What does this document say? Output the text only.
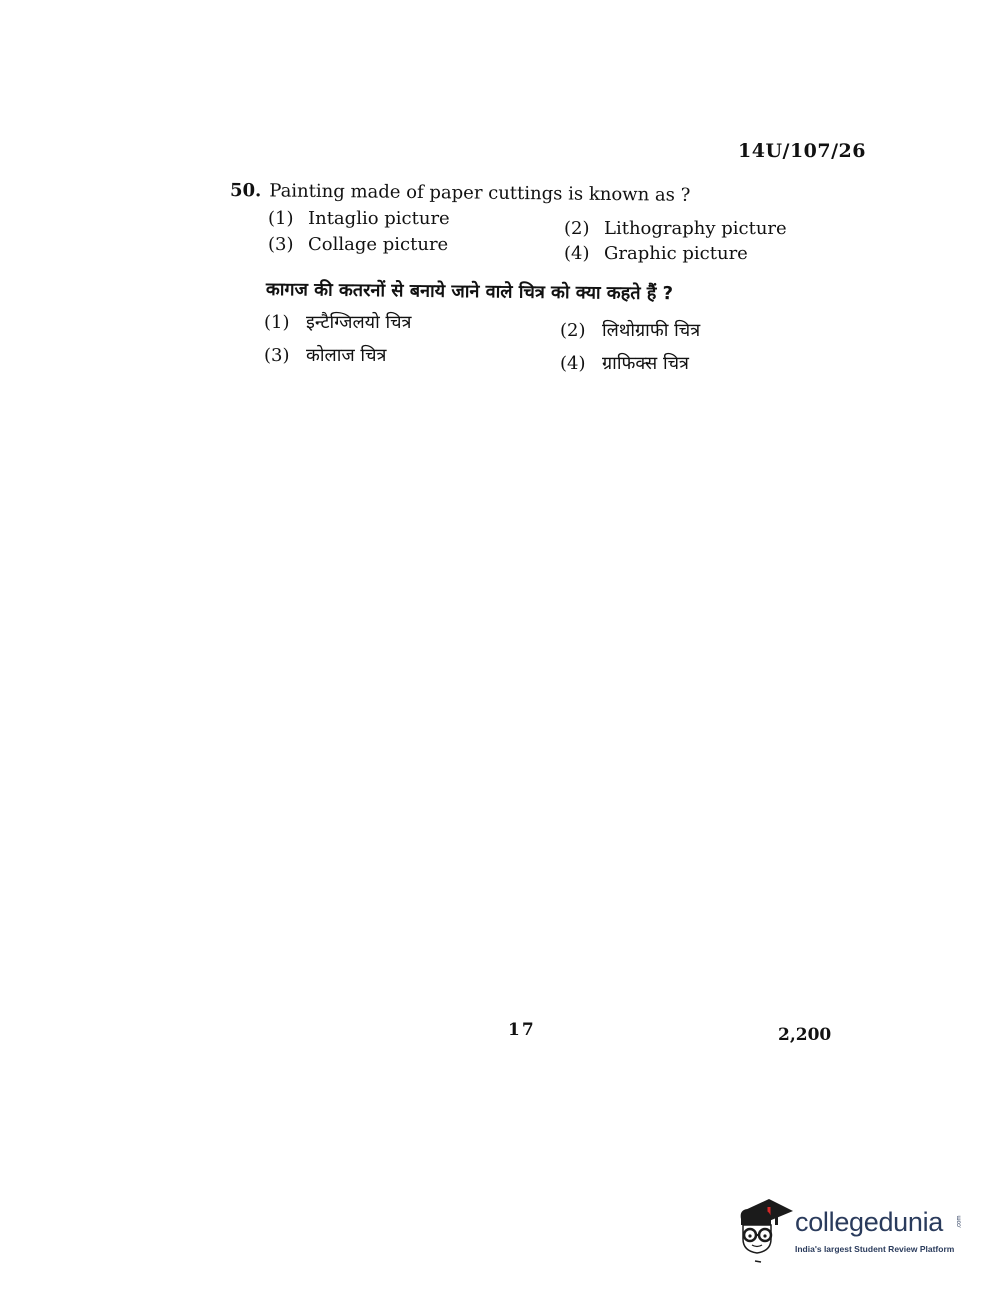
14U/107/26
50. Painting made of paper cuttings is known as ?
(1) Intaglio picture	(2) Lithography picture
(3) Collage picture	(4) Graphic picture
कागज की कतरनों से बनाये जाने वाले चित्र को क्या कहते हैं ?
(1) इन्टैग्जिलयो चित्र	(2) लिथोग्राफी चित्र
(3) कोलाज चित्र	(4) ग्राफिक्स चित्र
17	2,200
collegedunia .com
India's largest Student Review Platform
